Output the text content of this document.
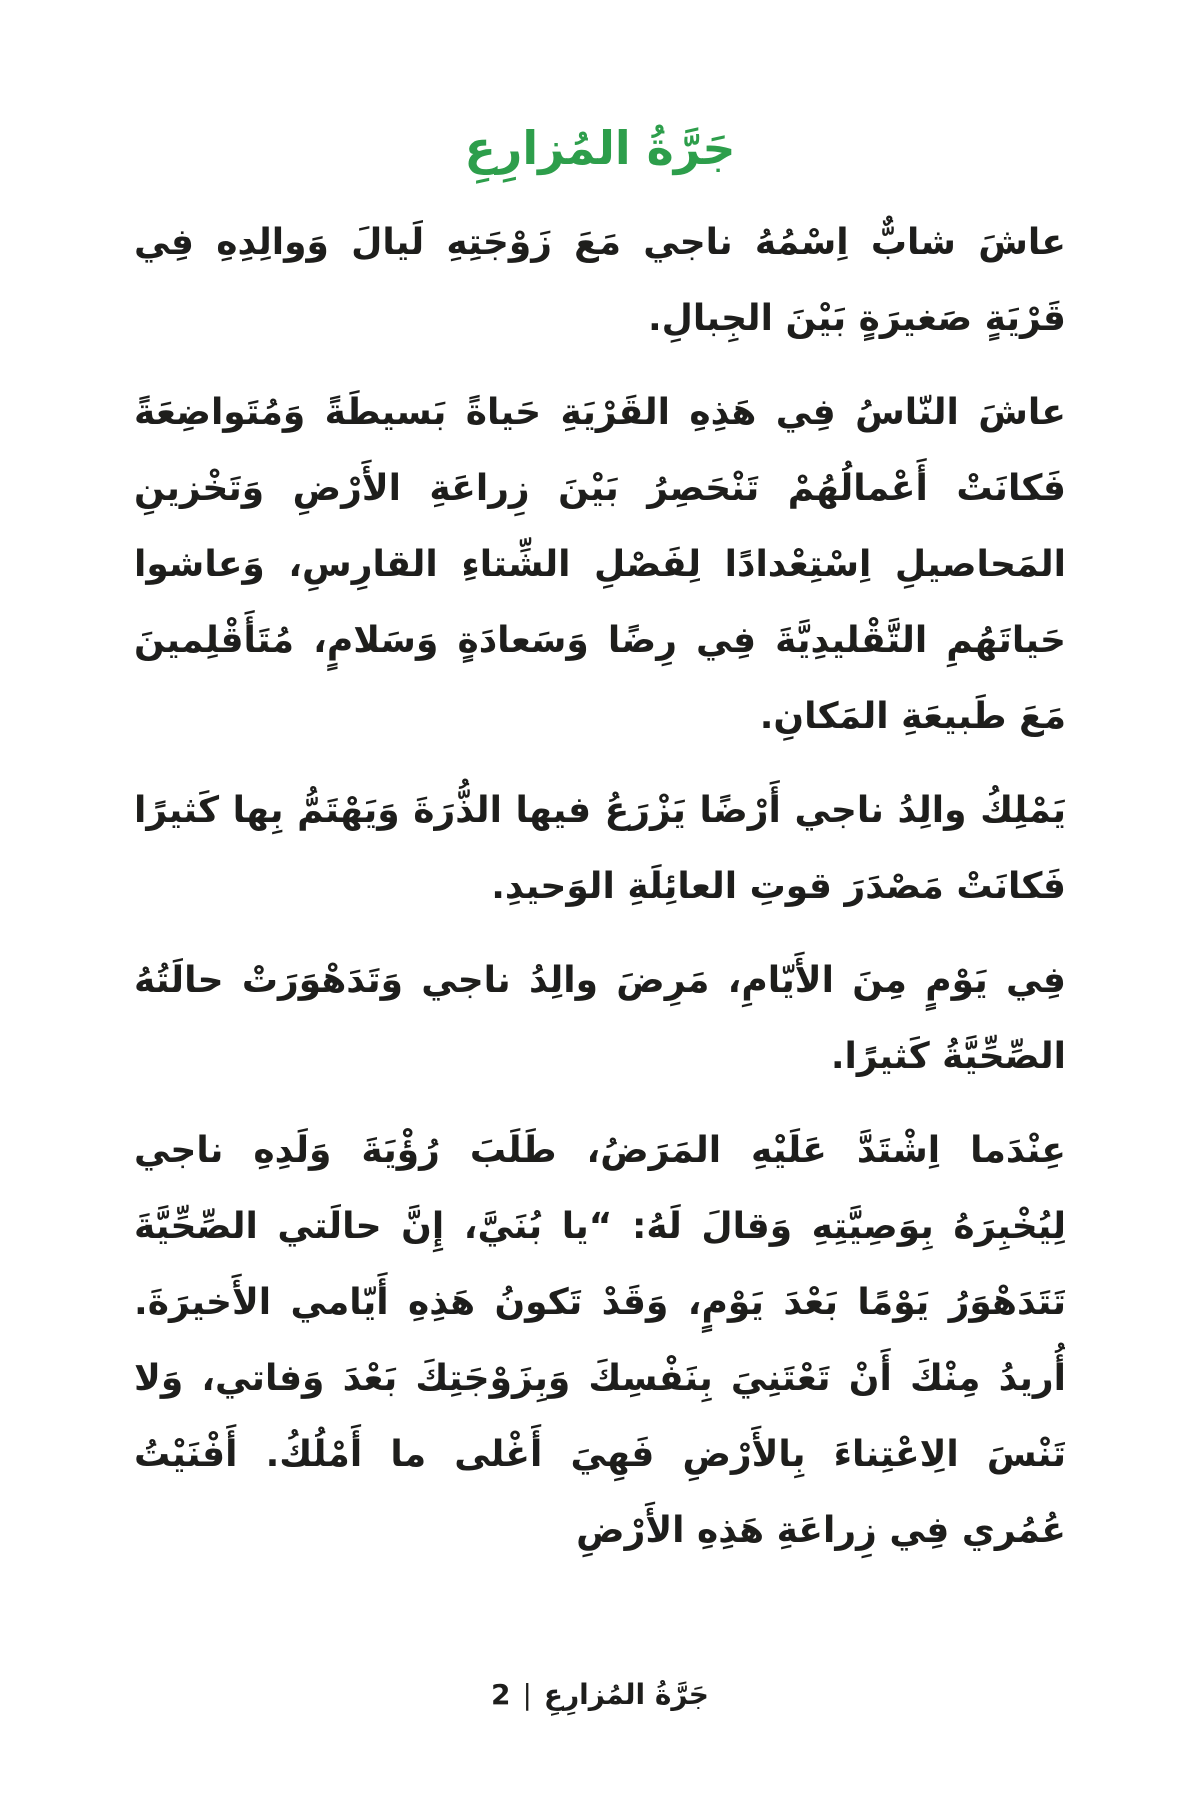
جَرَّةُ المُزارِعِ

عاش شاب اسمه ناجي مع زوجته ليال ووالده في قرية صغيرة بين الجبال.

عاش الناس في هذه القرية حياة بسيطة ومتواضعة فكانت أعمالهم تنحصر بين زراعة الأرض وتخزين المحاصيل استعدادا لفصل الشتاء القارس، وعاشوا حياتهم التقليدية في رضا وسعادة وسلام، متأقلمين مع طبيعة المكان.

يملك والد ناجي أرضا يزرع فيها الذرة ويهتم بها كثيرا فكانت مصدر قوت العائلة الوحيد.

في يوم من الأيام، مرض والد ناجي وتدهورت حالته الصحية كثيرا.

عندما اشتد عليه المرض، طلب رؤية ولده ناجي ليخبره بوصيته وقال له: “يا بني، إن حالتي الصحية تتدهور يوما بعد يوم، وقد تكون هذه أيامي الأخيرة. أريد منك أن تعتني بنفسك وبزوجتك بعد وفاتي، ولا تنس الاعتناء بالأرض فهي أغلى ما أملك. أفنيت عمري في زراعة هذه الأرض

جرة المزارع|2
